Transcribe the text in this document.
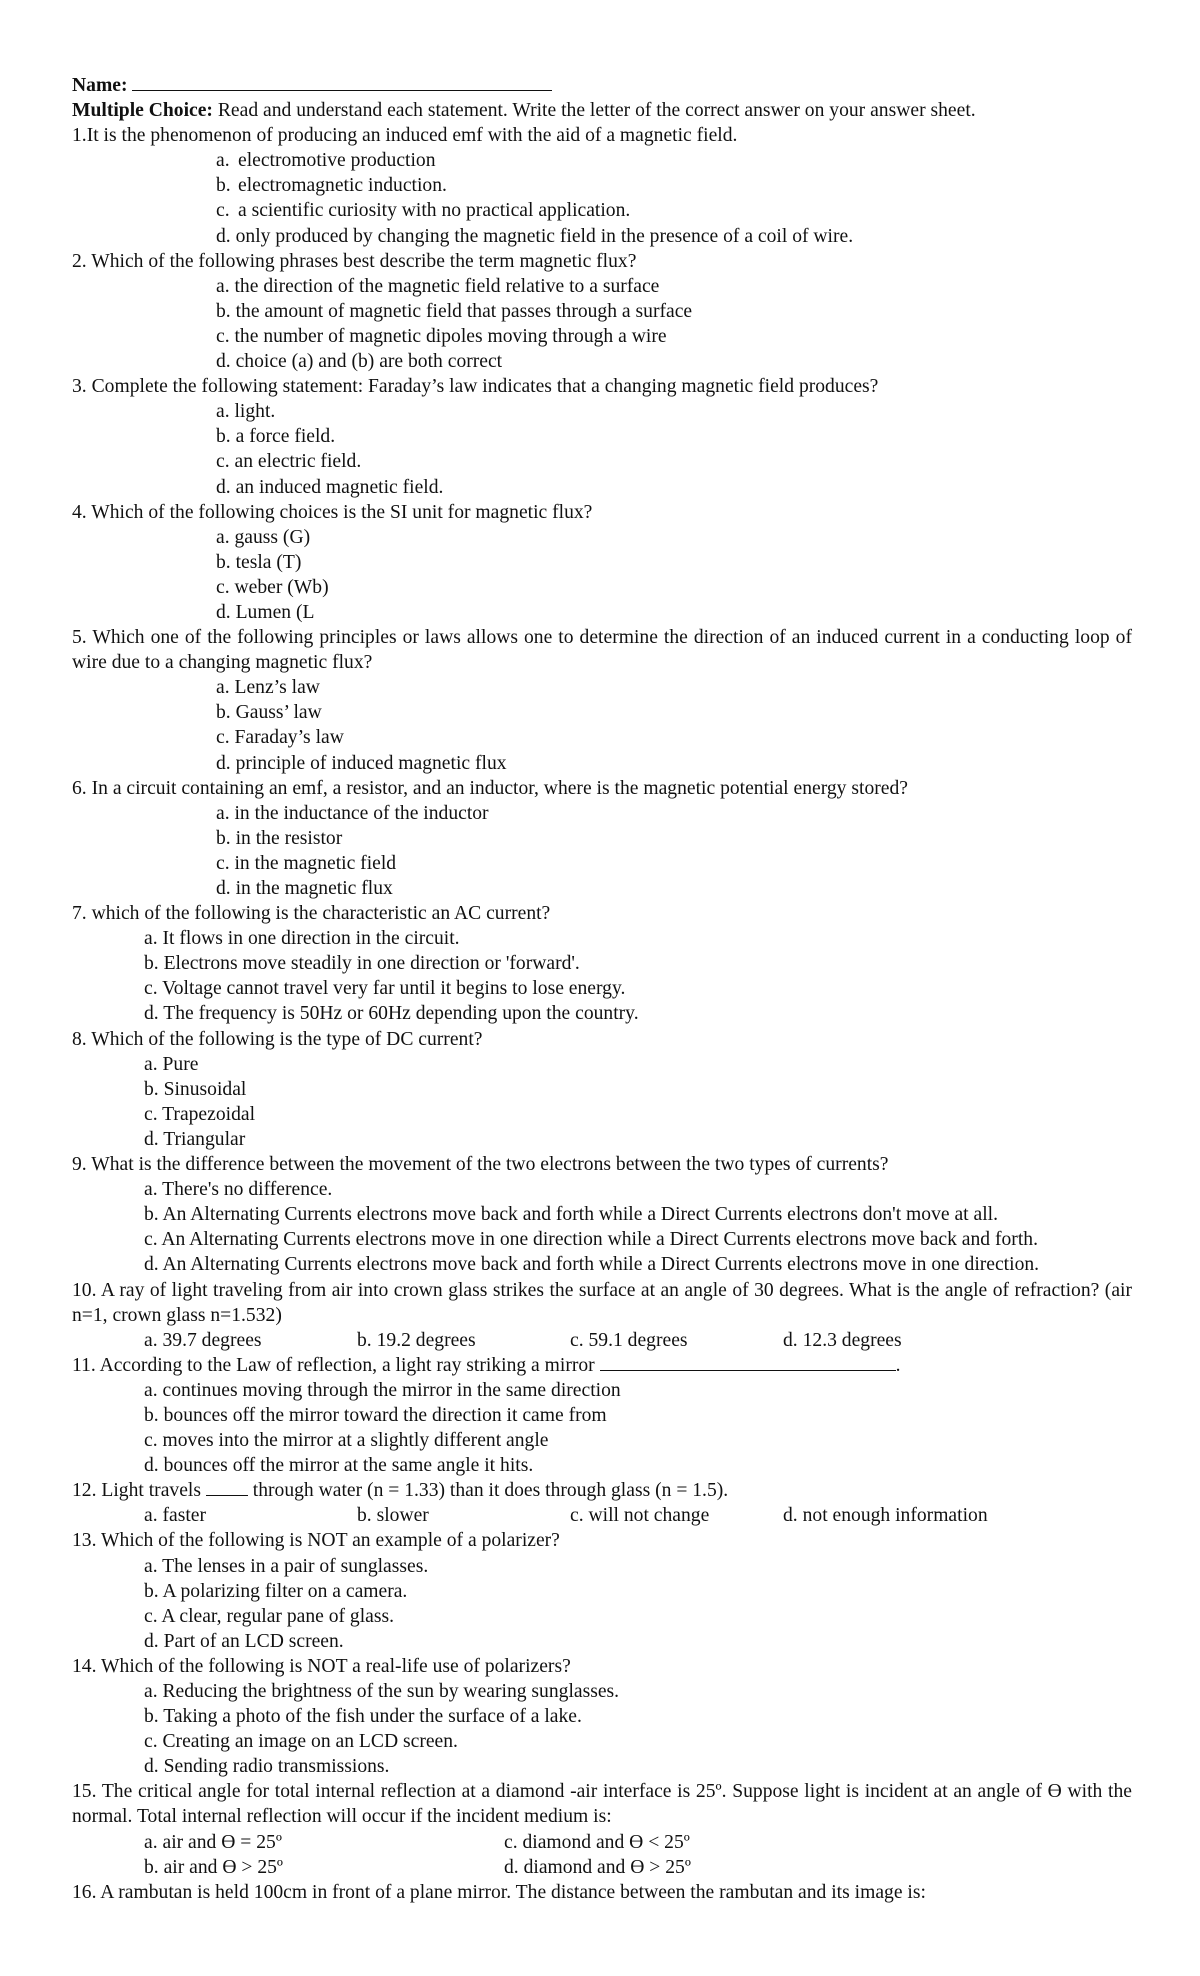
Name:
Multiple Choice: Read and understand each statement. Write the letter of the correct answer on your answer sheet.
1.It is the phenomenon of producing an induced emf with the aid of a magnetic field.
a. electromotive production
b. electromagnetic induction.
c. a scientific curiosity with no practical application.
d. only produced by changing the magnetic field in the presence of a coil of wire.
2. Which of the following phrases best describe the term magnetic flux?
a. the direction of the magnetic field relative to a surface
b. the amount of magnetic field that passes through a surface
c. the number of magnetic dipoles moving through a wire
d. choice (a) and (b) are both correct
3. Complete the following statement: Faraday’s law indicates that a changing magnetic field produces?
a. light.
b. a force field.
c. an electric field.
d. an induced magnetic field.
4. Which of the following choices is the SI unit for magnetic flux?
a. gauss (G)
b. tesla (T)
c. weber (Wb)
d. Lumen (L
5. Which one of the following principles or laws allows one to determine the direction of an induced current in a conducting loop of wire due to a changing magnetic flux?
a. Lenz’s law
b. Gauss’ law
c. Faraday’s law
d. principle of induced magnetic flux
6. In a circuit containing an emf, a resistor, and an inductor, where is the magnetic potential energy stored?
a. in the inductance of the inductor
b. in the resistor
c. in the magnetic field
d. in the magnetic flux
7. which of the following is the characteristic an AC current?
a. It flows in one direction in the circuit.
b. Electrons move steadily in one direction or 'forward'.
c. Voltage cannot travel very far until it begins to lose energy.
d. The frequency is 50Hz or 60Hz depending upon the country.
8. Which of the following is the type of DC current?
a. Pure
b. Sinusoidal
c. Trapezoidal
d. Triangular
9. What is the difference between the movement of the two electrons between the two types of currents?
a. There's no difference.
b. An Alternating Currents electrons move back and forth while a Direct Currents electrons don't move at all.
c. An Alternating Currents electrons move in one direction while a Direct Currents electrons move back and forth.
d. An Alternating Currents electrons move back and forth while a Direct Currents electrons move in one direction.
10. A ray of light traveling from air into crown glass strikes the surface at an angle of 30 degrees. What is the angle of refraction? (air n=1, crown glass n=1.532)
a. 39.7 degrees	b. 19.2 degrees	c. 59.1 degrees	d. 12.3 degrees
11. According to the Law of reflection, a light ray striking a mirror	.
a. continues moving through the mirror in the same direction
b. bounces off the mirror toward the direction it came from
c. moves into the mirror at a slightly different angle
d. bounces off the mirror at the same angle it hits.
12. Light travels	through water (n = 1.33) than it does through glass (n = 1.5).
a. faster	b. slower	c. will not change	d. not enough information
13. Which of the following is NOT an example of a polarizer?
a. The lenses in a pair of sunglasses.
b. A polarizing filter on a camera.
c. A clear, regular pane of glass.
d. Part of an LCD screen.
14. Which of the following is NOT a real-life use of polarizers?
a. Reducing the brightness of the sun by wearing sunglasses.
b. Taking a photo of the fish under the surface of a lake.
c. Creating an image on an LCD screen.
d. Sending radio transmissions.
15. The critical angle for total internal reflection at a diamond -air interface is 25º. Suppose light is incident at an angle of ϴ with the normal. Total internal reflection will occur if the incident medium is:
a. air and ϴ = 25º	c. diamond and ϴ < 25º
b. air and ϴ > 25º	d. diamond and ϴ > 25º
16. A rambutan is held 100cm in front of a plane mirror. The distance between the rambutan and its image is:
